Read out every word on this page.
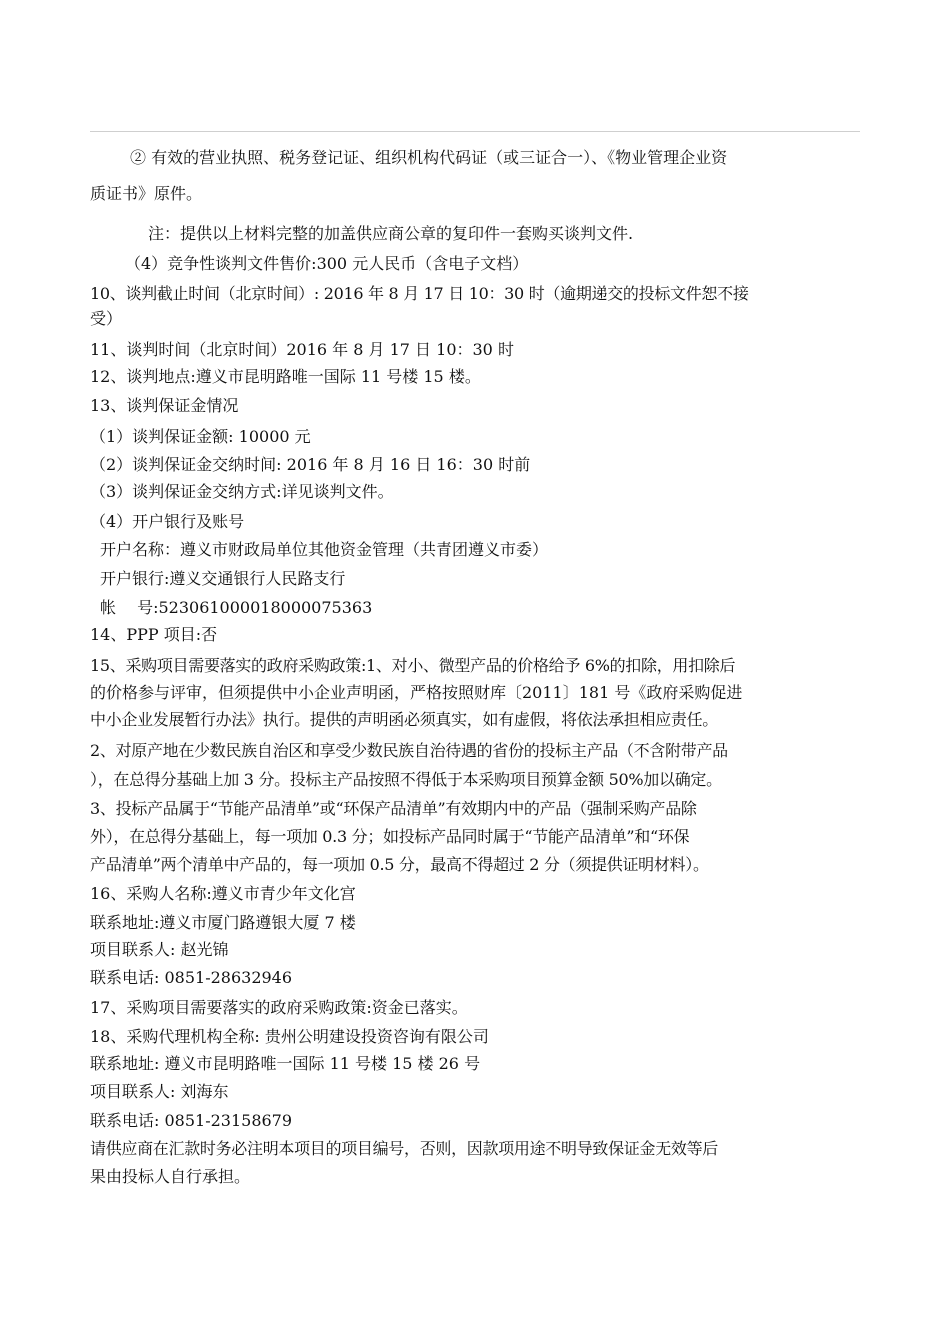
② 有效的营业执照、税务登记证、组织机构代码证（或三证合一）、《物业管理企业资

质证书》原件。

注：提供以上材料完整的加盖供应商公章的复印件一套购买谈判文件.

（4）竞争性谈判文件售价:300 元人民币（含电子文档）

10、谈判截止时间（北京时间）: 2016 年 8 月 17 日 10：30 时（逾期递交的投标文件恕不接

受）

11、谈判时间（北京时间）2016 年 8 月 17 日 10：30 时

12、谈判地点:遵义市昆明路唯一国际 11 号楼 15 楼。

13、谈判保证金情况

（1）谈判保证金额: 10000 元

（2）谈判保证金交纳时间: 2016 年 8 月 16 日 16：30 时前

（3）谈判保证金交纳方式:详见谈判文件。

（4）开户银行及账号

开户名称：遵义市财政局单位其他资金管理（共青团遵义市委）

开户银行:遵义交通银行人民路支行

帐　 号:523061000018000075363

14、PPP 项目:否

15、采购项目需要落实的政府采购政策:1、对小、微型产品的价格给予 6%的扣除，用扣除后

的价格参与评审，但须提供中小企业声明函，严格按照财库〔2011〕181 号《政府采购促进

中小企业发展暂行办法》执行。提供的声明函必须真实，如有虚假，将依法承担相应责任。

2、对原产地在少数民族自治区和享受少数民族自治待遇的省份的投标主产品（不含附带产品

），在总得分基础上加 3 分。投标主产品按照不得低于本采购项目预算金额 50%加以确定。

3、投标产品属于“节能产品清单”或“环保产品清单”有效期内中的产品（强制采购产品除

外），在总得分基础上，每一项加 0.3 分；如投标产品同时属于“节能产品清单”和“环保

产品清单”两个清单中产品的，每一项加 0.5 分，最高不得超过 2 分（须提供证明材料）。

16、采购人名称:遵义市青少年文化宫

联系地址:遵义市厦门路遵银大厦 7 楼

项目联系人: 赵光锦

联系电话: 0851-28632946

17、采购项目需要落实的政府采购政策:资金已落实。

18、采购代理机构全称: 贵州公明建设投资咨询有限公司

联系地址: 遵义市昆明路唯一国际 11 号楼 15 楼 26 号

项目联系人: 刘海东

联系电话: 0851-23158679

请供应商在汇款时务必注明本项目的项目编号，否则，因款项用途不明导致保证金无效等后

果由投标人自行承担。
